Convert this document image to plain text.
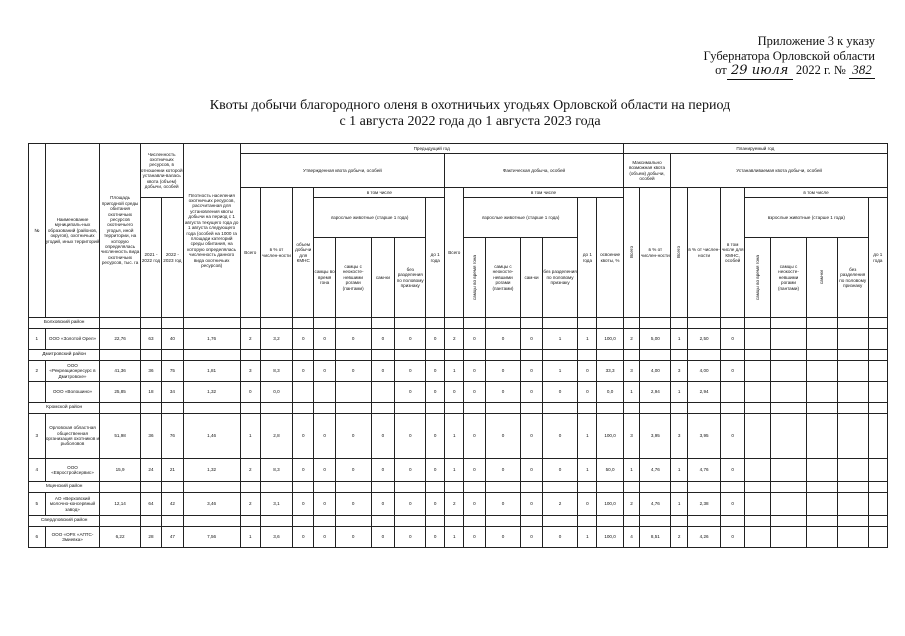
Приложение 3 к указу
Губернатора Орловской области
от 29 июля 2022 г. № 382
Квоты добычи благородного оленя в охотничьих угодьях Орловской области на период
с 1 августа 2022 года до 1 августа 2023 года
№	Наименование муниципаль-ных образований (районов, округов), охотничьих угодий, иных территорий	Площадь пригодной среды обитания охотничьих ресурсов охотничьего угодья, иной территории, на которую определялась численность вида охотничьих ресурсов, тыс. га	Численность охотничьих ресурсов, в отношении которой устанавли-валась квота (объем) добычи, особей		Плотность населения охотничьих ресурсов, рассчитанная для установления квоты добычи на период с 1 августа текущего года до 1 августа следующего года (особей на 1000 га площади категорий среды обитания, на которую определялась численность данного вида охотничьих ресурсов)	Предыдущий год															Планируемый год									
						Утвержденная квота добычи, особей								Фактическая добыча, особей							Максимально возможная квота (объем) добычи, особей		Устанавливаемая квота добычи, особей							
						Всего	в % от числен-ности	объем добычи для КМНС	в том числе					Всего	в том числе						Всего	в % от числен-ности	Всего	в % от числен-ности	в том числе для КМНС, особей	в том числе				
			2021 - 2022 год	2022 - 2023 год					взрослые животные (старше 1 года)				до 1 года		взрослые животные (старше 1 года)				до 1 года	освоение квоты, %						взрослые животные (старше 1 года)				до 1 года
									самцы во время гона	самцы с неокосте-невшими рогами (пантами)	сам-ки	без разделения по половому признаку			самцы во время гона	самцы с неокосте-невшими рогами (пантами)	сам-ки	без разделения по половому признаку								самцы во время гона	самцы с неокосте-невшими рогами (пантами)	сам-ки	без разделения по половому признаку	
Болховский район																														
1	ООО «Золотой Орел»	22,76	63	40	1,76	2	3,2	0	0	0	0	0	0	2	0	0	0	1	1	100,0	2	5,00	1	2,50	0					
Дмитровский район																														
2	ООО «Рекреационресурс в Дмитровске»	41,36	36	75	1,81	3	8,3	0	0	0	0	0	0	1	0	0	0	1	0	33,3	3	4,00	3	4,00	0					
	ООО «Волошино»	25,85	18	34	1,32	0	0,0					0	0	0	0	0	0	0	0	0,0	1	2,94	1	2,94						
Кромской район																														
3	Орловская областная общественная организация охотников и рыболовов	51,98	36	76	1,46	1	2,8	0	0	0	0	0	0	1	0	0	0	0	1	100,0	3	3,95	3	3,95	0					
4	ООО «Евростройсервис»	15,9	24	21	1,32	2	8,3	0	0	0	0	0	0	1	0	0	0	0	1	50,0	1	4,76	1	4,76	0					
Мценский район																														
5	АО «Верховский молочно-консервный завод»	12,14	64	42	3,46	2	3,1	0	0	0	0	0	0	2	0	0	0	2	0	100,0	2	4,76	1	2,38	0					
Свердловский район																														
6	ООО «ОРХ «АПТС-Змиевка»	6,22	28	47	7,56	1	3,6	0	0	0	0	0	0	1	0	0	0	0	1	100,0	4	8,51	2	4,26	0					
